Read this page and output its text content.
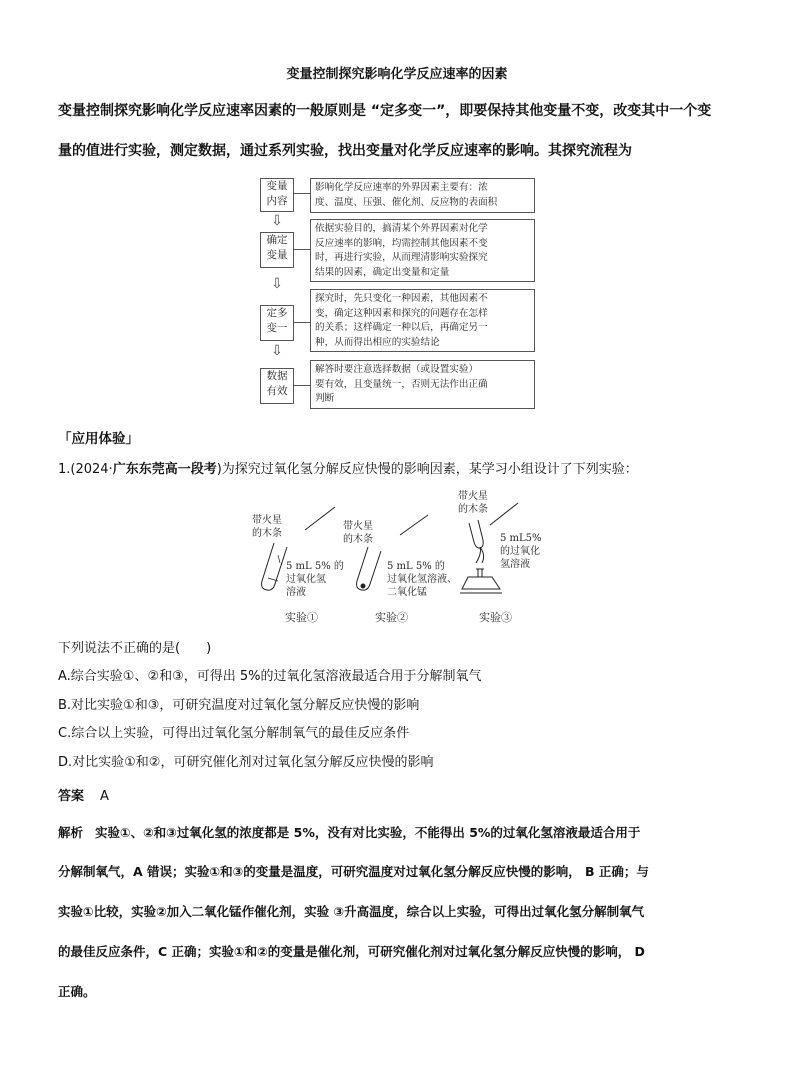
变量控制探究影响化学反应速率的因素
变量控制探究影响化学反应速率因素的一般原则是 “定多变一”，即要保持其他变量不变，改变其中一个变
量的值进行实验，测定数据，通过系列实验，找出变量对化学反应速率的影响。其探究流程为
变量
内容
影响化学反应速率的外界因素主要有：浓
度、温度、压强、催化剂、反应物的表面积
⇩
确定
变量
依据实验目的，搞清某个外界因素对化学
反应速率的影响，均需控制其他因素不变
时，再进行实验，从而理清影响实验探究
结果的因素，确定出变量和定量
⇩
定多
变一
探究时，先只变化一种因素，其他因素不
变，确定这种因素和探究的问题存在怎样
的关系；这样确定一种以后，再确定另一
种，从而得出相应的实验结论
⇩
数据
有效
解答时要注意选择数据（或设置实验）
要有效，且变量统一，否则无法作出正确
判断
「应用体验」
1.(2024·广东东莞高一段考)为探究过氧化氢分解反应快慢的影响因素，某学习小组设计了下列实验：
带火星
的木条
5 mL 5% 的
过氧化氢
溶液
实验①
带火星
的木条
5 mL 5% 的
过氧化氢溶液、
二氧化锰
实验②
带火星
的木条
5 mL5%
的过氧化
氢溶液
实验③
下列说法不正确的是(　　)
A.综合实验①、②和③，可得出 5%的过氧化氢溶液最适合用于分解制氧气
B.对比实验①和③，可研究温度对过氧化氢分解反应快慢的影响
C.综合以上实验，可得出过氧化氢分解制氧气的最佳反应条件
D.对比实验①和②，可研究催化剂对过氧化氢分解反应快慢的影响
答案 A
解析 实验①、②和③过氧化氢的浓度都是 5%，没有对比实验，不能得出 5%的过氧化氢溶液最适合用于
分解制氧气，A 错误；实验①和③的变量是温度，可研究温度对过氧化氢分解反应快慢的影响， B 正确；与
实验①比较，实验②加入二氧化锰作催化剂，实验 ③升高温度，综合以上实验，可得出过氧化氢分解制氧气
的最佳反应条件，C 正确；实验①和②的变量是催化剂，可研究催化剂对过氧化氢分解反应快慢的影响， D
正确。
